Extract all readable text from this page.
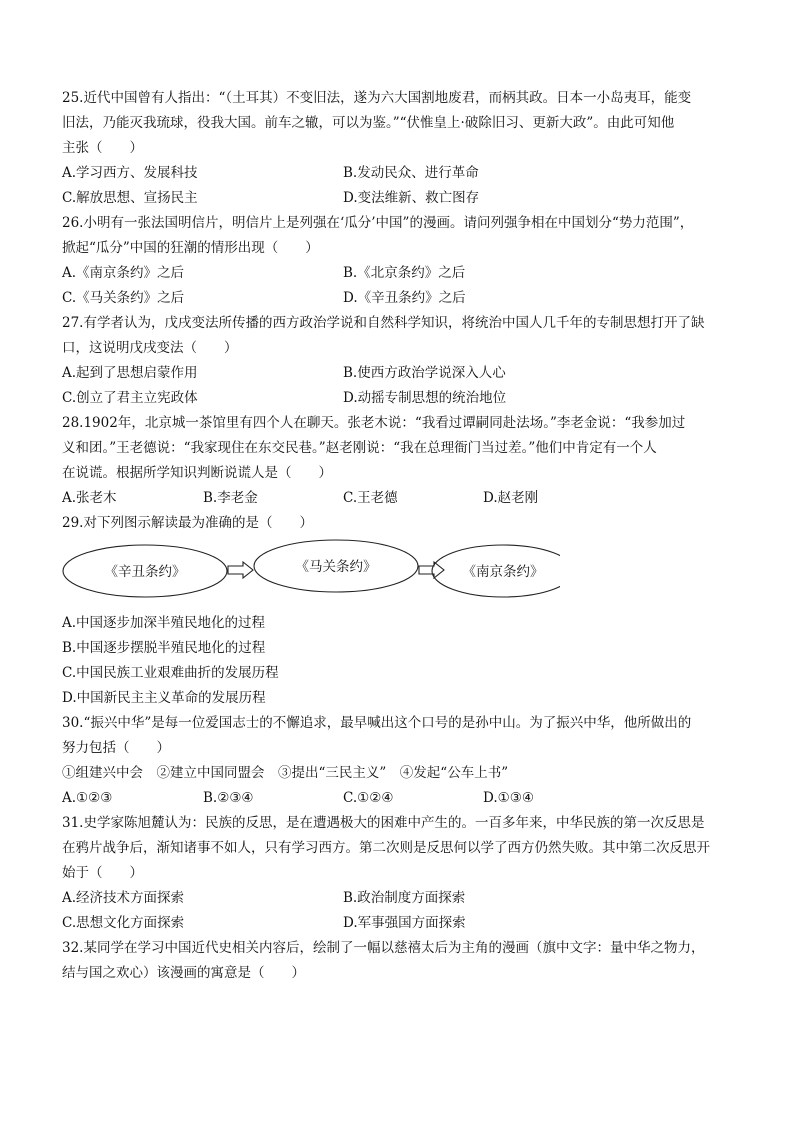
25.近代中国曾有人指出：“（土耳其）不变旧法，遂为六大国割地废君，而柄其政。日本一小岛夷耳，能变
旧法，乃能灭我琉球，役我大国。前车之辙，可以为鉴。”“伏惟皇上·破除旧习、更新大政”。由此可知他
主张（　　）
A.学习西方、发展科技	B.发动民众、进行革命
C.解放思想、宣扬民主	D.变法维新、救亡图存
26.小明有一张法国明信片，明信片上是列强在‘瓜分’中国”的漫画。请问列强争相在中国划分“势力范围”，
掀起“瓜分”中国的狂潮的情形出现（　　）
A.《南京条约》之后	B.《北京条约》之后
C.《马关条约》之后	D.《辛丑条约》之后
27.有学者认为，戊戌变法所传播的西方政治学说和自然科学知识，将统治中国人几千年的专制思想打开了缺
口，这说明戊戌变法（　　）
A.起到了思想启蒙作用	B.使西方政治学说深入人心
C.创立了君主立宪政体	D.动摇专制思想的统治地位
28.1902年，北京城一茶馆里有四个人在聊天。张老木说：“我看过谭嗣同赴法场。”李老金说：“我参加过
义和团。”王老德说：“我家现住在东交民巷。”赵老刚说：“我在总理衙门当过差。”他们中肯定有一个人
在说谎。根据所学知识判断说谎人是（　　）
A.张老木	B.李老金	C.王老德	D.赵老刚
29.对下列图示解读最为准确的是（　　）
《辛丑条约》	《马关条约》	《南京条约》
A.中国逐步加深半殖民地化的过程
B.中国逐步摆脱半殖民地化的过程
C.中国民族工业艰难曲折的发展历程
D.中国新民主主义革命的发展历程
30.“振兴中华”是每一位爱国志士的不懈追求，最早喊出这个口号的是孙中山。为了振兴中华，他所做出的
努力包括（　　）
①组建兴中会　②建立中国同盟会　③提出“三民主义”　④发起“公车上书”
A.①②③	B.②③④	C.①②④	D.①③④
31.史学家陈旭麓认为：民族的反思，是在遭遇极大的困难中产生的。一百多年来，中华民族的第一次反思是
在鸦片战争后，渐知诸事不如人，只有学习西方。第二次则是反思何以学了西方仍然失败。其中第二次反思开
始于（　　）
A.经济技术方面探索	B.政治制度方面探索
C.思想文化方面探索	D.军事强国方面探索
32.某同学在学习中国近代史相关内容后，绘制了一幅以慈禧太后为主角的漫画（旗中文字：量中华之物力，
结与国之欢心）该漫画的寓意是（　　）
